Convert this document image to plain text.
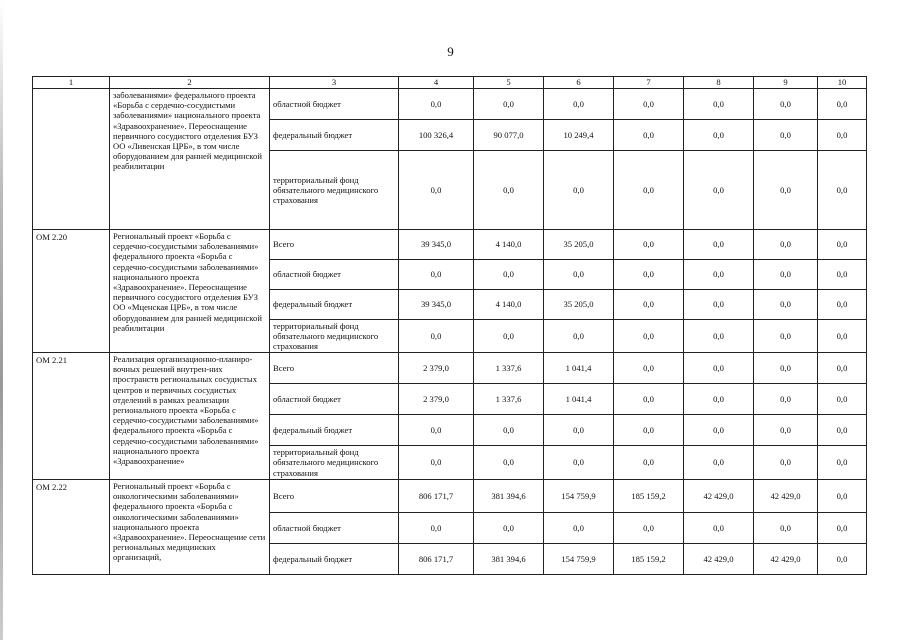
9
1	2	3	4	5	6	7	8	9	10
	заболеваниями» федерального проекта «Борьба с сердечно-сосудистыми заболеваниями» национального проекта «Здравоохранение». Переоснащение первичного сосудистого отделения БУЗ ОО «Ливенская ЦРБ», в том числе оборудованием для ранней медицинской реабилитации	областной бюджет	0,0	0,0	0,0	0,0	0,0	0,0	0,0
		федеральный бюджет	100 326,4	90 077,0	10 249,4	0,0	0,0	0,0	0,0
		территориальный фонд обязательного медицинского страхования	0,0	0,0	0,0	0,0	0,0	0,0	0,0
ОМ 2.20	Региональный проект «Борьба с сердечно-сосудистыми заболеваниями» федерального проекта «Борьба с сердечно-сосудистыми заболеваниями» национального проекта «Здравоохранение». Переоснащение первичного сосудистого отделения БУЗ ОО «Мценская ЦРБ», в том числе оборудованием для ранней медицинской реабилитации	Всего	39 345,0	4 140,0	35 205,0	0,0	0,0	0,0	0,0
		областной бюджет	0,0	0,0	0,0	0,0	0,0	0,0	0,0
		федеральный бюджет	39 345,0	4 140,0	35 205,0	0,0	0,0	0,0	0,0
		территориальный фонд обязательного медицинского страхования	0,0	0,0	0,0	0,0	0,0	0,0	0,0
ОМ 2.21	Реализация организационно-планиро-вочных решений внутрен-них пространств региональных сосудистых центров и первичных сосудистых отделений в рамках реализации регионального проекта «Борьба с сердечно-сосудистыми заболеваниями» федерального проекта «Борьба с сердечно-сосудистыми заболеваниями» национального проекта «Здравоохранение»	Всего	2 379,0	1 337,6	1 041,4	0,0	0,0	0,0	0,0
		областной бюджет	2 379,0	1 337,6	1 041,4	0,0	0,0	0,0	0,0
		федеральный бюджет	0,0	0,0	0,0	0,0	0,0	0,0	0,0
		территориальный фонд обязательного медицинского страхования	0,0	0,0	0,0	0,0	0,0	0,0	0,0
ОМ 2.22	Региональный проект «Борьба с онкологическими заболеваниями» федерального проекта «Борьба с онкологическими заболеваниями» национального проекта «Здравоохранение». Переоснащение сети региональных медицинских организаций,	Всего	806 171,7	381 394,6	154 759,9	185 159,2	42 429,0	42 429,0	0,0
		областной бюджет	0,0	0,0	0,0	0,0	0,0	0,0	0,0
		федеральный бюджет	806 171,7	381 394,6	154 759,9	185 159,2	42 429,0	42 429,0	0,0
